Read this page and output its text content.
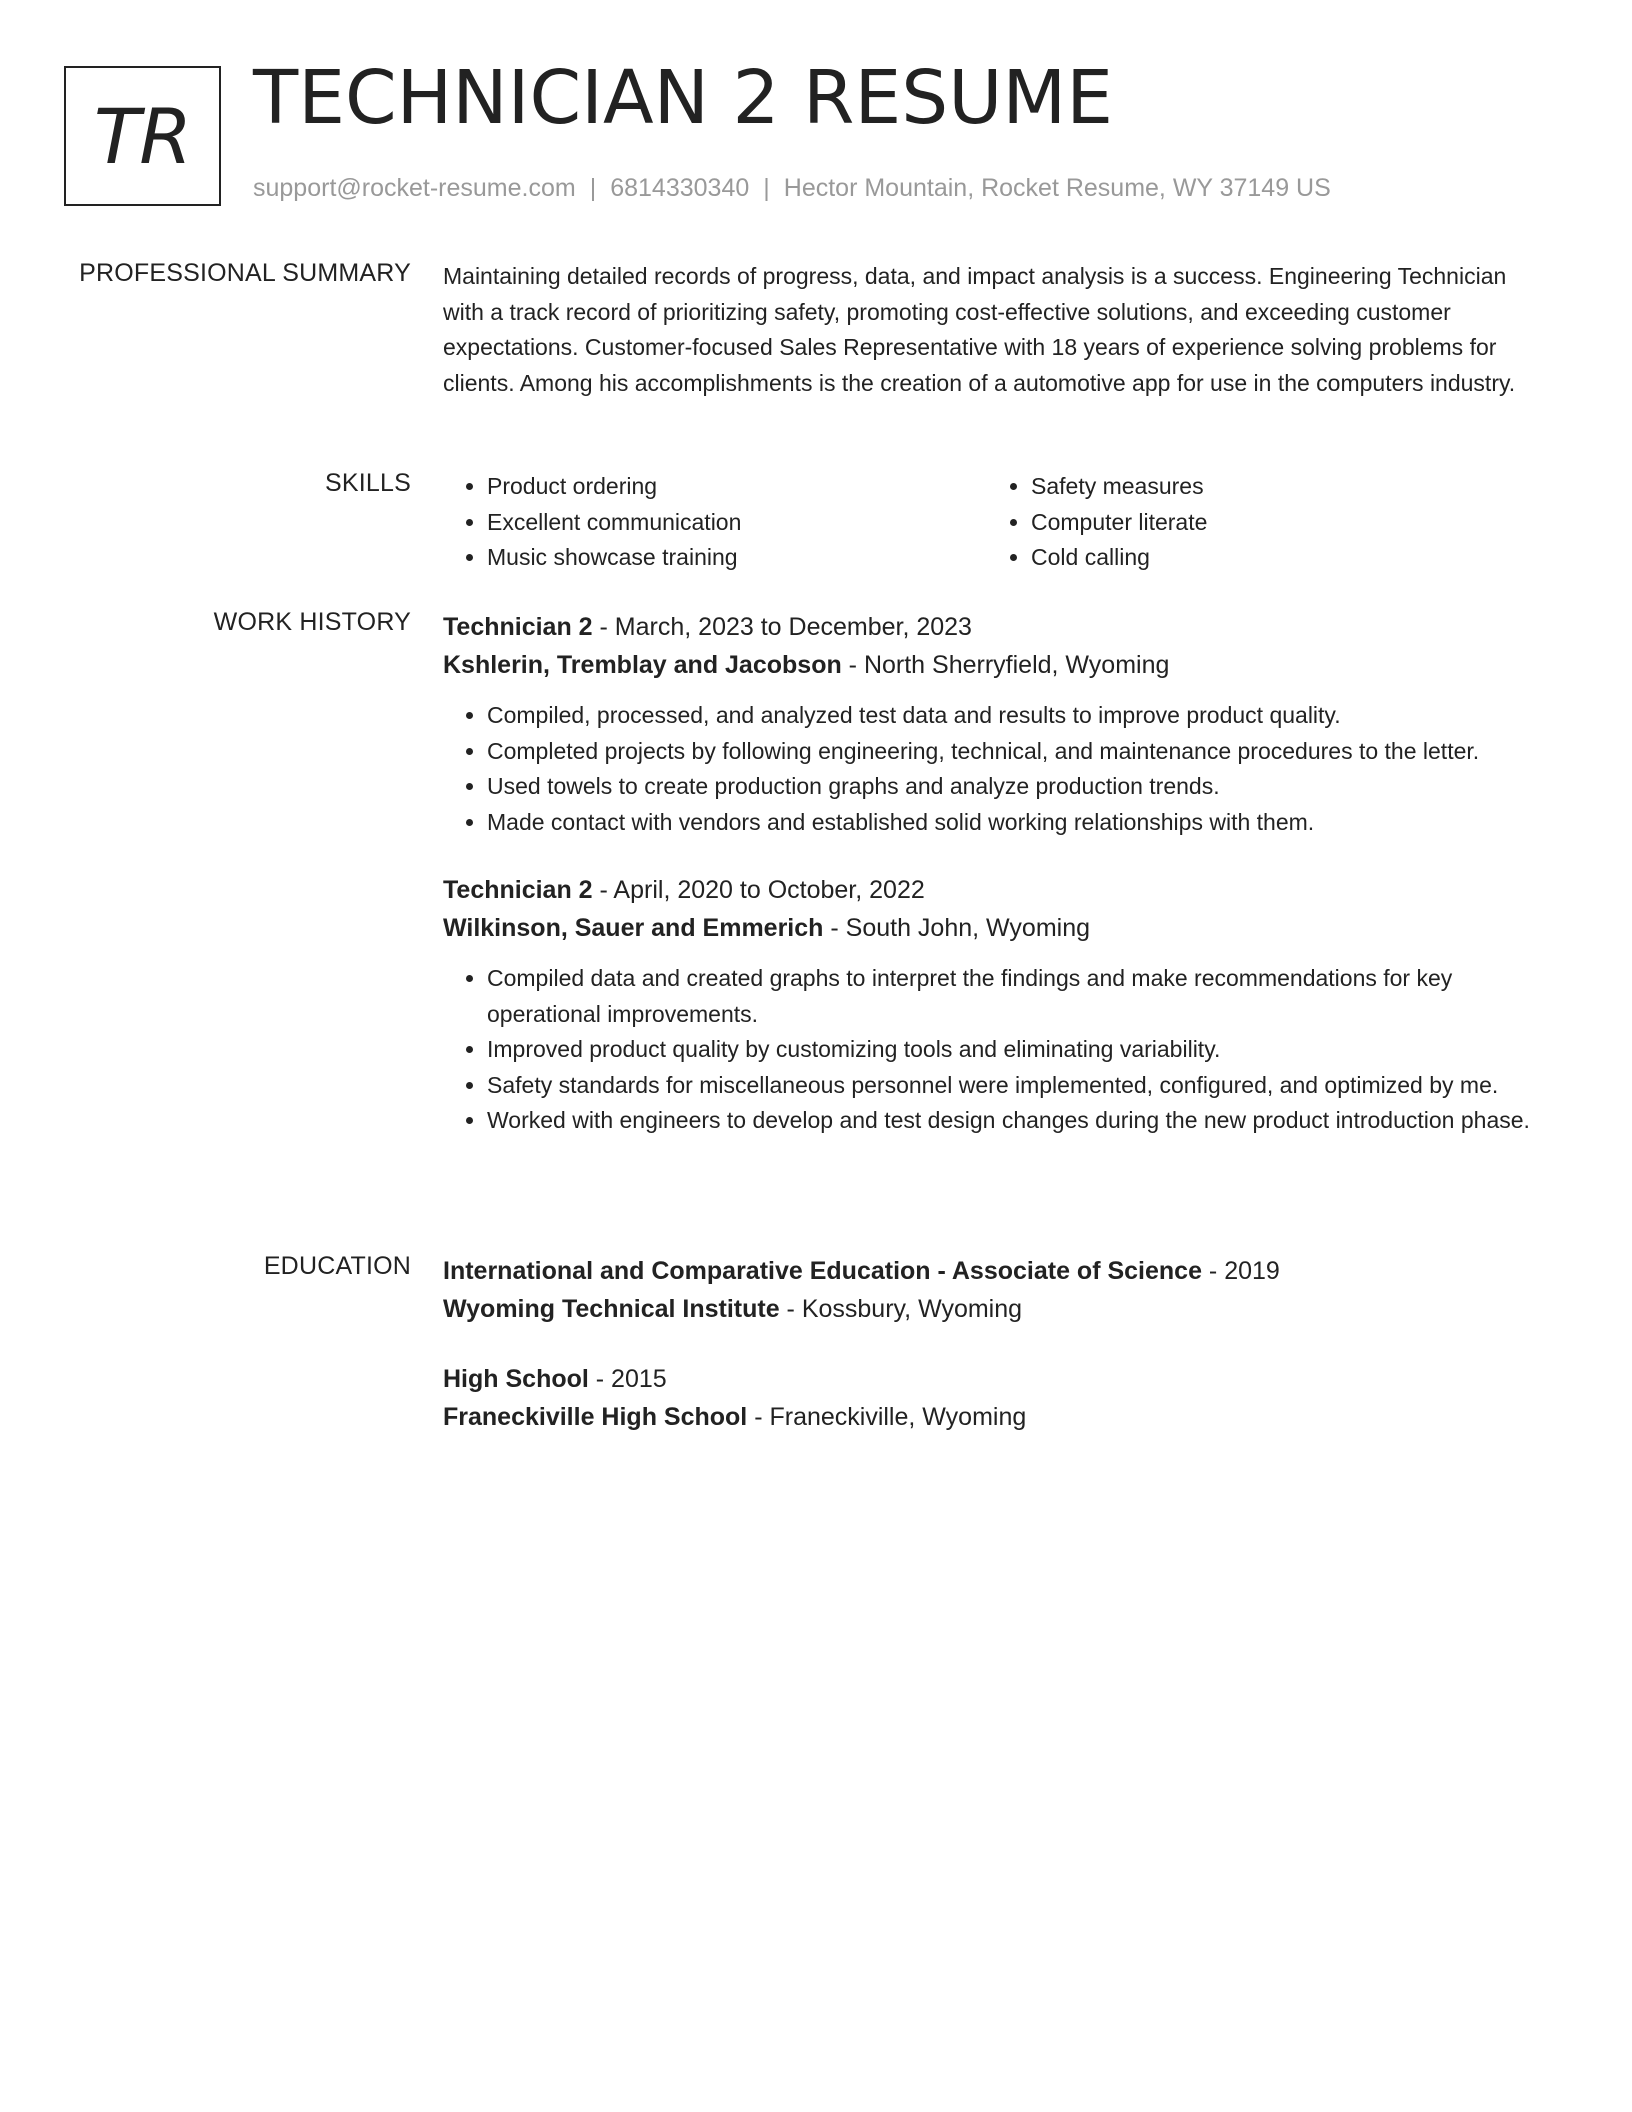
TR TECHNICIAN 2 RESUME
support@rocket-resume.com | 6814330340 | Hector Mountain, Rocket Resume, WY 37149 US
PROFESSIONAL SUMMARY Maintaining detailed records of progress, data, and impact analysis is a success. Engineering Technician with a track record of prioritizing safety, promoting cost-effective solutions, and exceeding customer expectations. Customer-focused Sales Representative with 18 years of experience solving problems for clients. Among his accomplishments is the creation of a automotive app for use in the computers industry.

SKILLS
•	Product ordering
• Excellent communication
• Music showcase training
• Safety measures
• Computer literate
• Cold calling
WORK HISTORY Technician 2 - March, 2023 to December, 2023
Kshlerin, Tremblay and Jacobson - North Sherryfield, Wyoming
• Compiled, processed, and analyzed test data and results to improve product quality.
• Completed projects by following engineering, technical, and maintenance procedures to the letter.
• Used towels to create production graphs and analyze production trends.
• Made contact with vendors and established solid working relationships with them.
Technician 2 - April, 2020 to October, 2022
Wilkinson, Sauer and Emmerich - South John, Wyoming
• Compiled data and created graphs to interpret the findings and make recommendations for key operational improvements.
• Improved product quality by customizing tools and eliminating variability.
• Safety standards for miscellaneous personnel were implemented, configured, and optimized by me.
• Worked with engineers to develop and test design changes during the new product introduction phase.
EDUCATION International and Comparative Education - Associate of Science - 2019
Wyoming Technical Institute - Kossbury, Wyoming
High School - 2015
Franeckiville High School - Franeckiville, Wyoming
